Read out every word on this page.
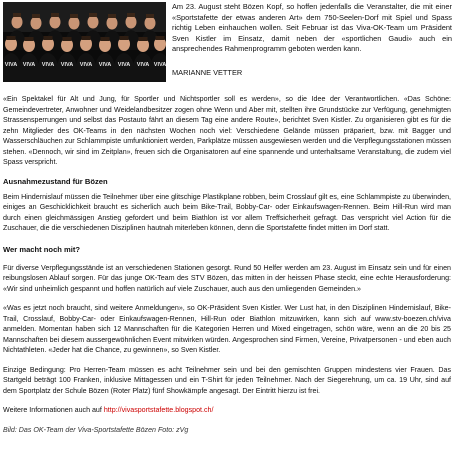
VIVA VIVA VIVA VIVA VIVA VIVA VIVA VIVA VIVA
Am 23. August steht Bözen Kopf, so hoffen jedenfalls die Veranstalter, die mit einer «Sportstafette der etwas anderen Art» dem 750-Seelen-Dorf mit Spiel und Spass richtig Leben einhauchen wollen. Seit Februar ist das Viva-OK-Team um Präsident Sven Kistler im Einsatz, damit neben der «sportlichen Gaudi» auch ein ansprechendes Rahmenprogramm geboten werden kann.
MARIANNE VETTER

«Ein Spektakel für Alt und Jung, für Sportler und Nichtsportler soll es werden», so die Idee der Verantwortlichen. «Das Schöne: Gemeindevertreter, Anwohner und Weidelandbesitzer zogen ohne Wenn und Aber mit, stellten ihre Grundstücke zur Verfügung, genehmigten Strassensperrungen und selbst das Postauto fährt an diesem Tag eine andere Route», berichtet Sven Kistler. Zu organisieren gibt es für die zehn Mitglieder des OK-Teams in den nächsten Wochen noch viel: Verschiedene Gelände müssen präpariert, bzw. mit Bagger und Wasserschläuchen zur Schlammpiste umfunktioniert werden, Parkplätze müssen ausgewiesen werden und die Verpflegungsstationen müssen stehen. «Dennoch, wir sind im Zeitplan», freuen sich die Organisatoren auf eine spannende und unterhaltsame Veranstaltung, die zudem viel Spass verspricht.

Ausnahmezustand für Bözen

Beim Hindernislauf müssen die Teilnehmer über eine glitschige Plastikplane robben, beim Crosslauf gilt es, eine Schlammpiste zu überwinden, einiges an Geschicklichkeit braucht es sicherlich auch beim Bike-Trail, Bobby-Car- oder Einkaufswagen-Rennen. Beim Hill-Run wird man durch einen gleichmässigen Anstieg gefordert und beim Biathlon ist vor allem Treffsicherheit gefragt. Das verspricht viel Action für die Zuschauer, die die verschiedenen Disziplinen hautnah miterleben können, denn die Sportstafette findet mitten im Dorf statt.

Wer macht noch mit?

Für diverse Verpflegungsstände ist an verschiedenen Stationen gesorgt. Rund 50 Helfer werden am 23. August im Einsatz sein und für einen reibungslosen Ablauf sorgen. Für das junge OK-Team des STV Bözen, das mitten in der heissen Phase steckt, eine echte Herausforderung: «Wir sind unheimlich gespannt und hoffen natürlich auf viele Zuschauer, auch aus den umliegenden Gemeinden.»

«Was es jetzt noch braucht, sind weitere Anmeldungen», so OK-Präsident Sven Kistler. Wer Lust hat, in den Disziplinen Hindernislauf, Bike-Trail, Crosslauf, Bobby-Car- oder Einkaufswagen-Rennen, Hill-Run oder Biathlon mitzuwirken, kann sich auf www.stv-boezen.ch/viva anmelden. Momentan haben sich 12 Mannschaften für die Kategorien Herren und Mixed eingetragen, schön wäre, wenn an die 20 bis 25 Mannschaften bei diesem aussergewöhnlichen Event mitwirken würden. Angesprochen sind Firmen, Vereine, Privatpersonen - und eben auch Nichtathleten. «Jeder hat die Chance, zu gewinnen», so Sven Kistler.

Einzige Bedingung: Pro Herren-Team müssen es acht Teilnehmer sein und bei den gemischten Gruppen mindestens vier Frauen. Das Startgeld beträgt 100 Franken, inklusive Mittagessen und ein T-Shirt für jeden Teilnehmer. Nach der Siegerehrung, um ca. 19 Uhr, sind auf dem Sportplatz der Schule Bözen (Roter Platz) fünf Showkämpfe angesagt. Der Eintritt hierzu ist frei.

Weitere Informationen auch auf http://vivasportstafette.blogspot.ch/

Bild: Das OK-Team der Viva-Sportstafette Bözen Foto: zVg
